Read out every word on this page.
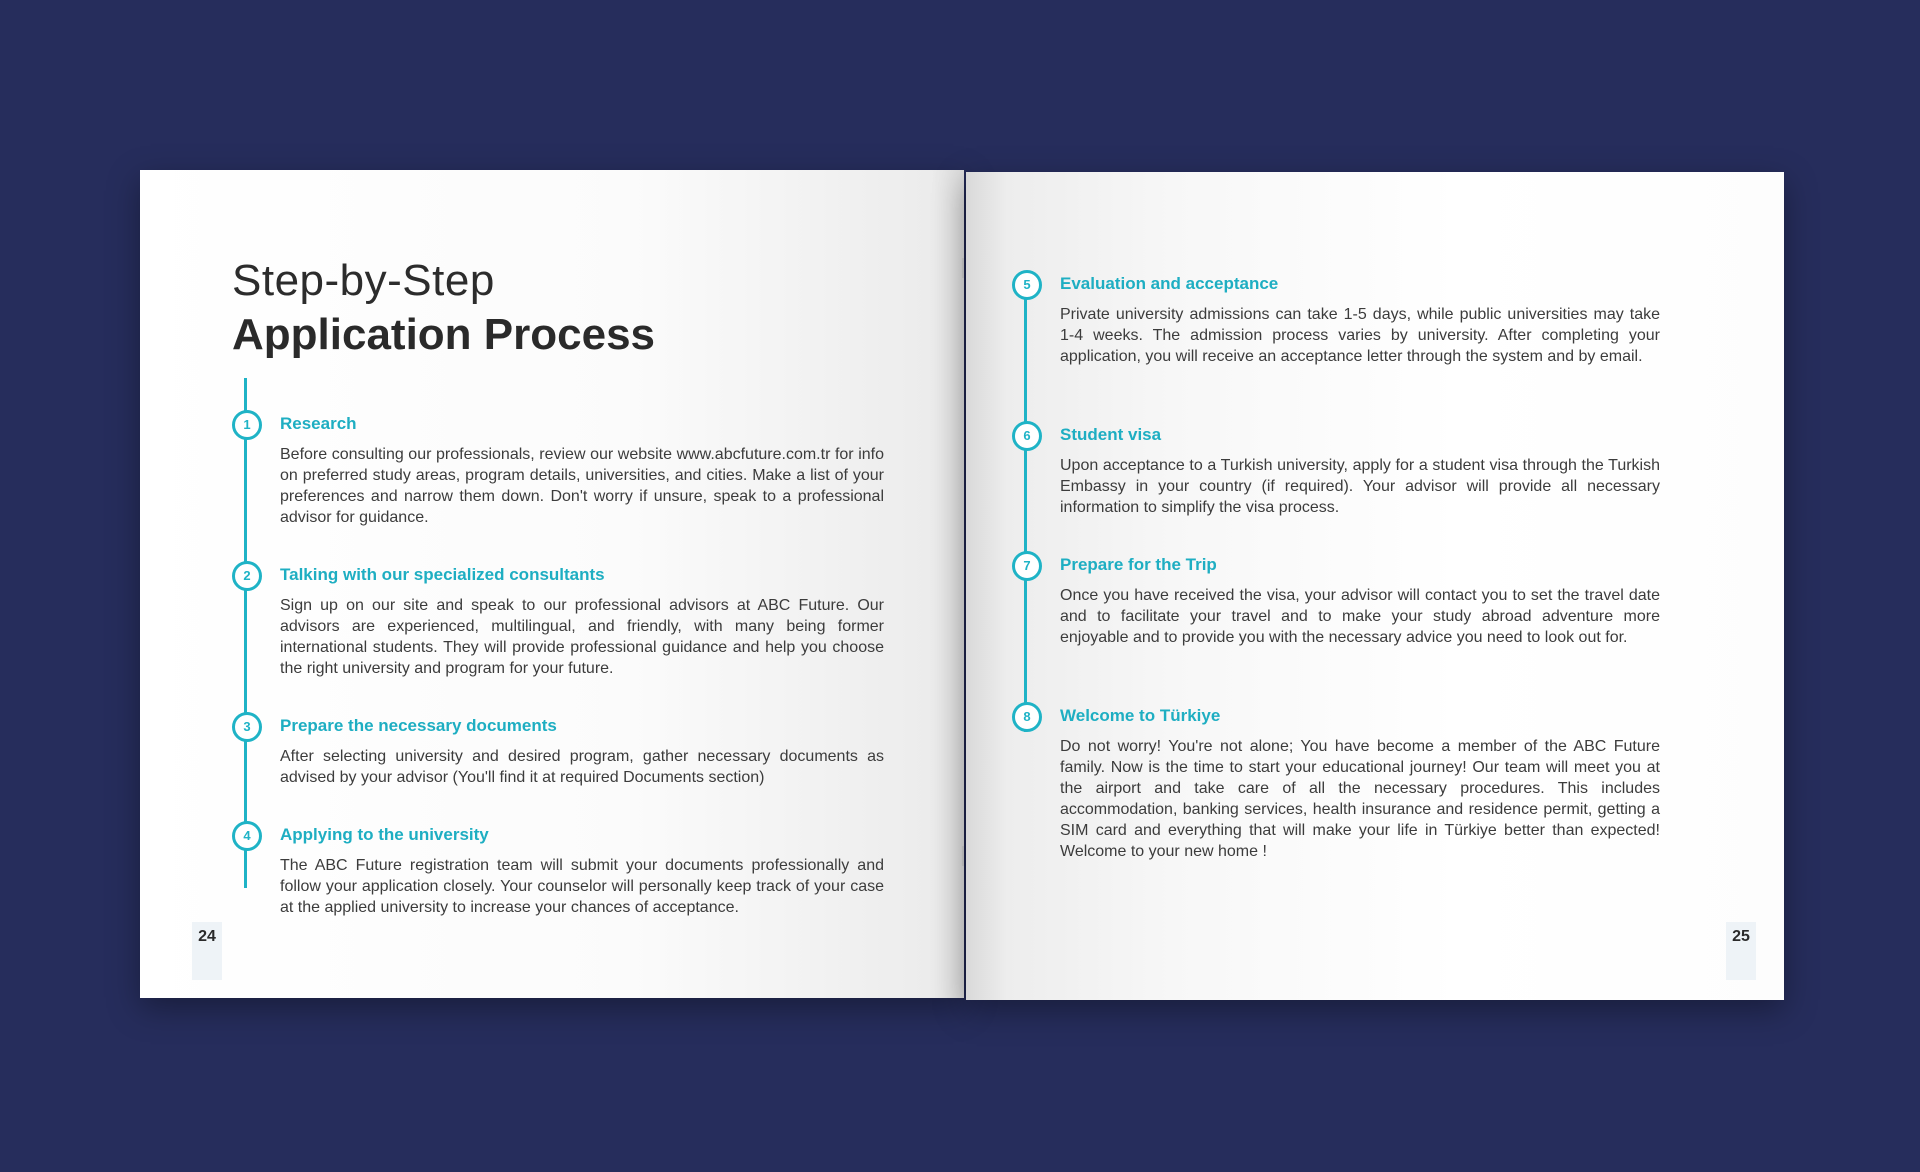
Step-by-Step
Application Process
1	Research
Before consulting our professionals, review our website www.abcfuture.com.tr for info on preferred study areas, program details, universities, and cities. Make a list of your preferences and narrow them down. Don't worry if unsure, speak to a professional advisor for guidance.
2	Talking with our specialized consultants
Sign up on our site and speak to our professional advisors at ABC Future. Our advisors are experienced, multilingual, and friendly, with many being former international students. They will provide professional guidance and help you choose the right university and program for your future.
3	Prepare the necessary documents
After selecting university and desired program, gather necessary documents as advised by your advisor (You'll find it at required Documents section)
4	Applying to the university
The ABC Future registration team will submit your documents professionally and follow your application closely. Your counselor will personally keep track of your case at the applied university to increase your chances of acceptance.
24
5	Evaluation and acceptance
Private university admissions can take 1-5 days, while public universities may take 1-4 weeks. The admission process varies by university. After completing your application, you will receive an acceptance letter through the system and by email.
6	Student visa
Upon acceptance to a Turkish university, apply for a student visa through the Turkish Embassy in your country (if required). Your advisor will provide all necessary information to simplify the visa process.
7	Prepare for the Trip
Once you have received the visa, your advisor will contact you to set the travel date and to facilitate your travel and to make your study abroad adventure more enjoyable and to provide you with the necessary advice you need to look out for.
8	Welcome to Türkiye
Do not worry! You're not alone; You have become a member of the ABC Future family. Now is the time to start your educational journey! Our team will meet you at the airport and take care of all the necessary procedures. This includes accommodation, banking services, health insurance and residence permit, getting a SIM card and everything that will make your life in Türkiye better than expected! Welcome to your new home !
25
